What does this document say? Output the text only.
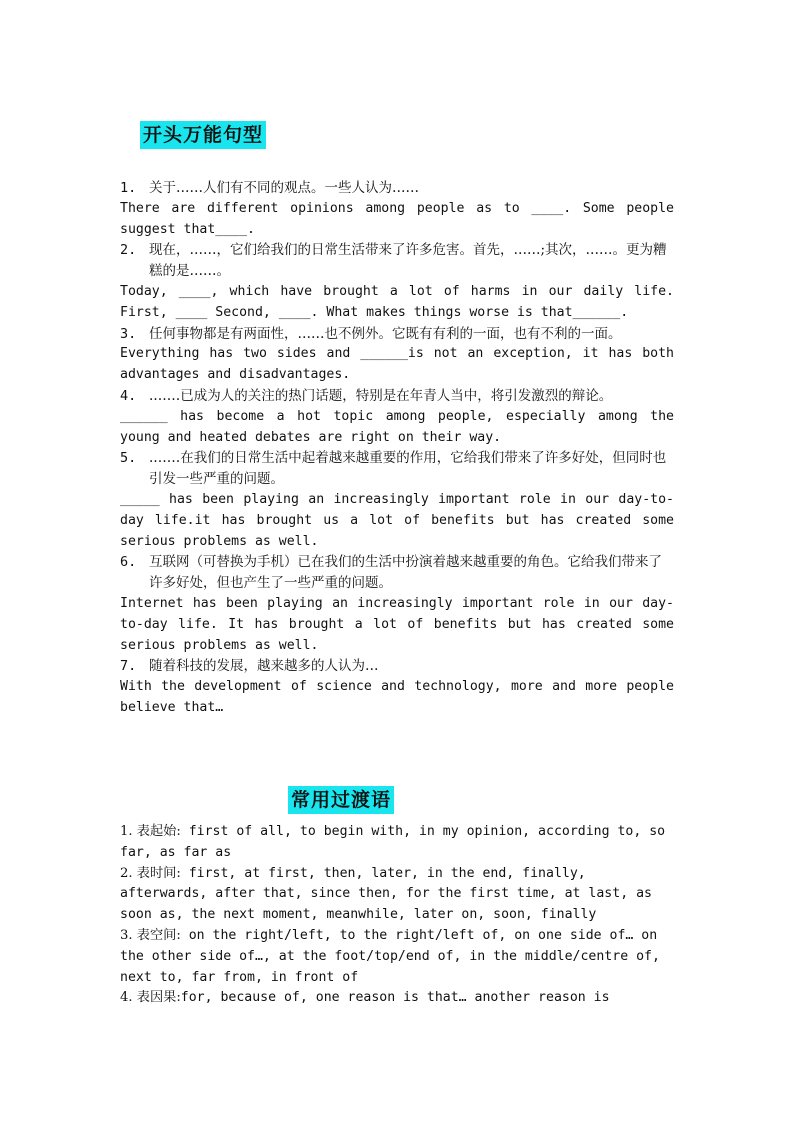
开头万能句型

1. 关于……人们有不同的观点。一些人认为……

There are different opinions among people as to ____. Some people suggest that____.

2. 现在，……，它们给我们的日常生活带来了许多危害。首先，……;其次，……。更为糟糕的是……。

Today, ____, which have brought a lot of harms in our daily life. First, ____ Second, ____. What makes things worse is that______.

3. 任何事物都是有两面性，……也不例外。它既有有利的一面，也有不利的一面。

Everything has two sides and ______is not an exception, it has both advantages and disadvantages.

4. .……已成为人的关注的热门话题，特别是在年青人当中，将引发激烈的辩论。

______ has become a hot topic among people, especially among the young and heated debates are right on their way.

5. .……在我们的日常生活中起着越来越重要的作用，它给我们带来了许多好处，但同时也引发一些严重的问题。

_____ has been playing an increasingly important role in our day-to-day life.it has brought us a lot of benefits but has created some serious problems as well.

6. 互联网（可替换为手机）已在我们的生活中扮演着越来越重要的角色。它给我们带来了许多好处，但也产生了一些严重的问题。

Internet has been playing an increasingly important role in our day-to-day life. It has brought a lot of benefits but has created some serious problems as well.

7. 随着科技的发展，越来越多的人认为…

With the development of science and technology, more and more people believe that…

常用过渡语

1. 表起始: first of all, to begin with, in my opinion, according to, so far, as far as

2. 表时间: first, at first, then, later, in the end, finally, afterwards, after that, since then, for the first time, at last, as soon as, the next moment, meanwhile, later on, soon, finally

3. 表空间: on the right/left, to the right/left of, on one side of… on the other side of…, at the foot/top/end of, in the middle/centre of, next to, far from, in front of

4. 表因果:for, because of, one reason is that… another reason is
